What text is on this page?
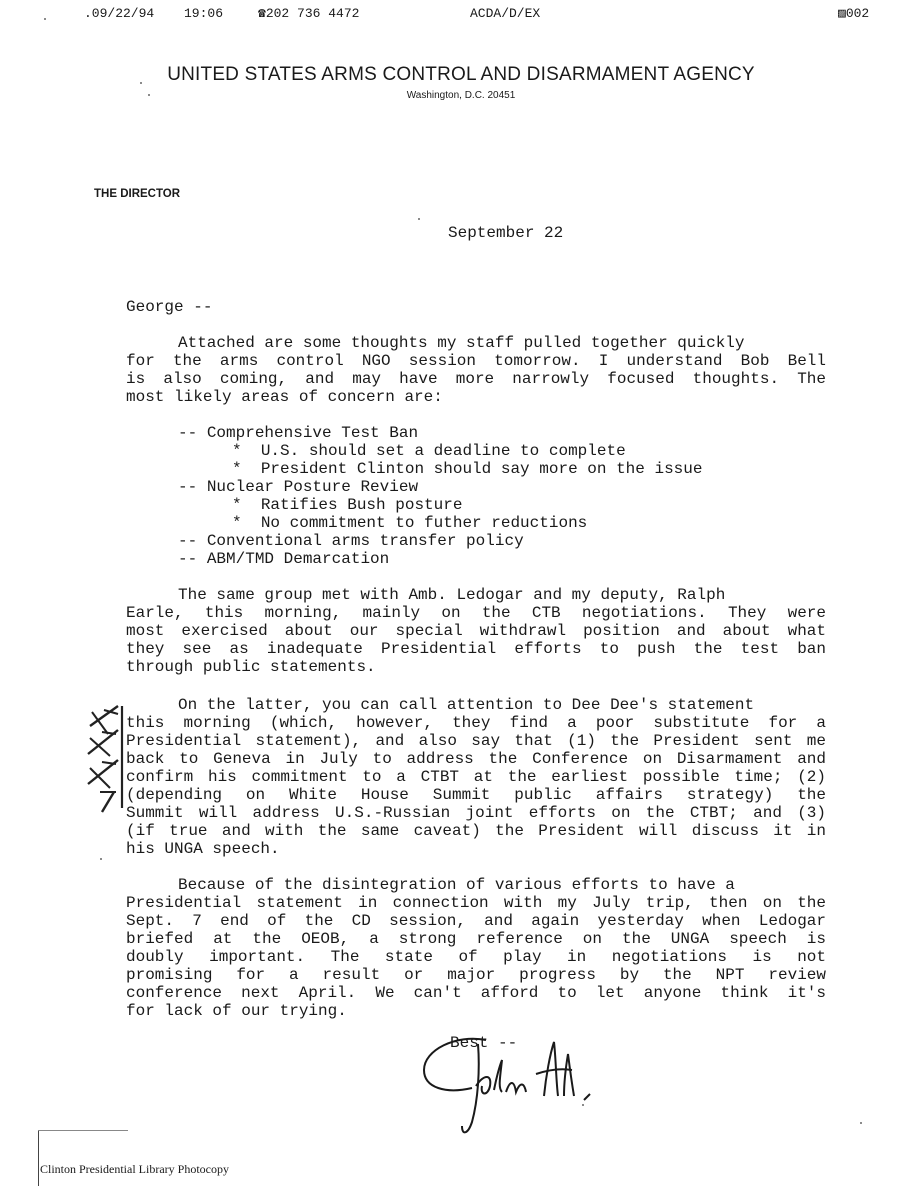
.09/22/94 19:06	☎202 736 4472	ACDA/D/EX	▨002
UNITED STATES ARMS CONTROL AND DISARMAMENT AGENCY
Washington, D.C. 20451
THE DIRECTOR
September 22
George --
Attached are some thoughts my staff pulled together quickly
for the arms control NGO session tomorrow. I understand Bob Bell
is also coming, and may have more narrowly focused thoughts. The
most likely areas of concern are:
-- Comprehensive Test Ban
* U.S. should set a deadline to complete
* President Clinton should say more on the issue
-- Nuclear Posture Review
* Ratifies Bush posture
* No commitment to futher reductions
-- Conventional arms transfer policy
-- ABM/TMD Demarcation
The same group met with Amb. Ledogar and my deputy, Ralph
Earle, this morning, mainly on the CTB negotiations. They were
most exercised about our special withdrawl position and about what
they see as inadequate Presidential efforts to push the test ban
through public statements.
On the latter, you can call attention to Dee Dee's statement
this morning (which, however, they find a poor substitute for a
Presidential statement), and also say that (1) the President sent me
back to Geneva in July to address the Conference on Disarmament and
confirm his commitment to a CTBT at the earliest possible time; (2)
(depending on White House Summit public affairs strategy) the
Summit will address U.S.-Russian joint efforts on the CTBT; and (3)
(if true and with the same caveat) the President will discuss it in
his UNGA speech.
Because of the disintegration of various efforts to have a
Presidential statement in connection with my July trip, then on the
Sept. 7 end of the CD session, and again yesterday when Ledogar
briefed at the OEOB, a strong reference on the UNGA speech is
doubly important. The state of play in negotiations is not
promising for a result or major progress by the NPT review
conference next April. We can't afford to let anyone think it's
for lack of our trying.
Best --
Clinton Presidential Library Photocopy
